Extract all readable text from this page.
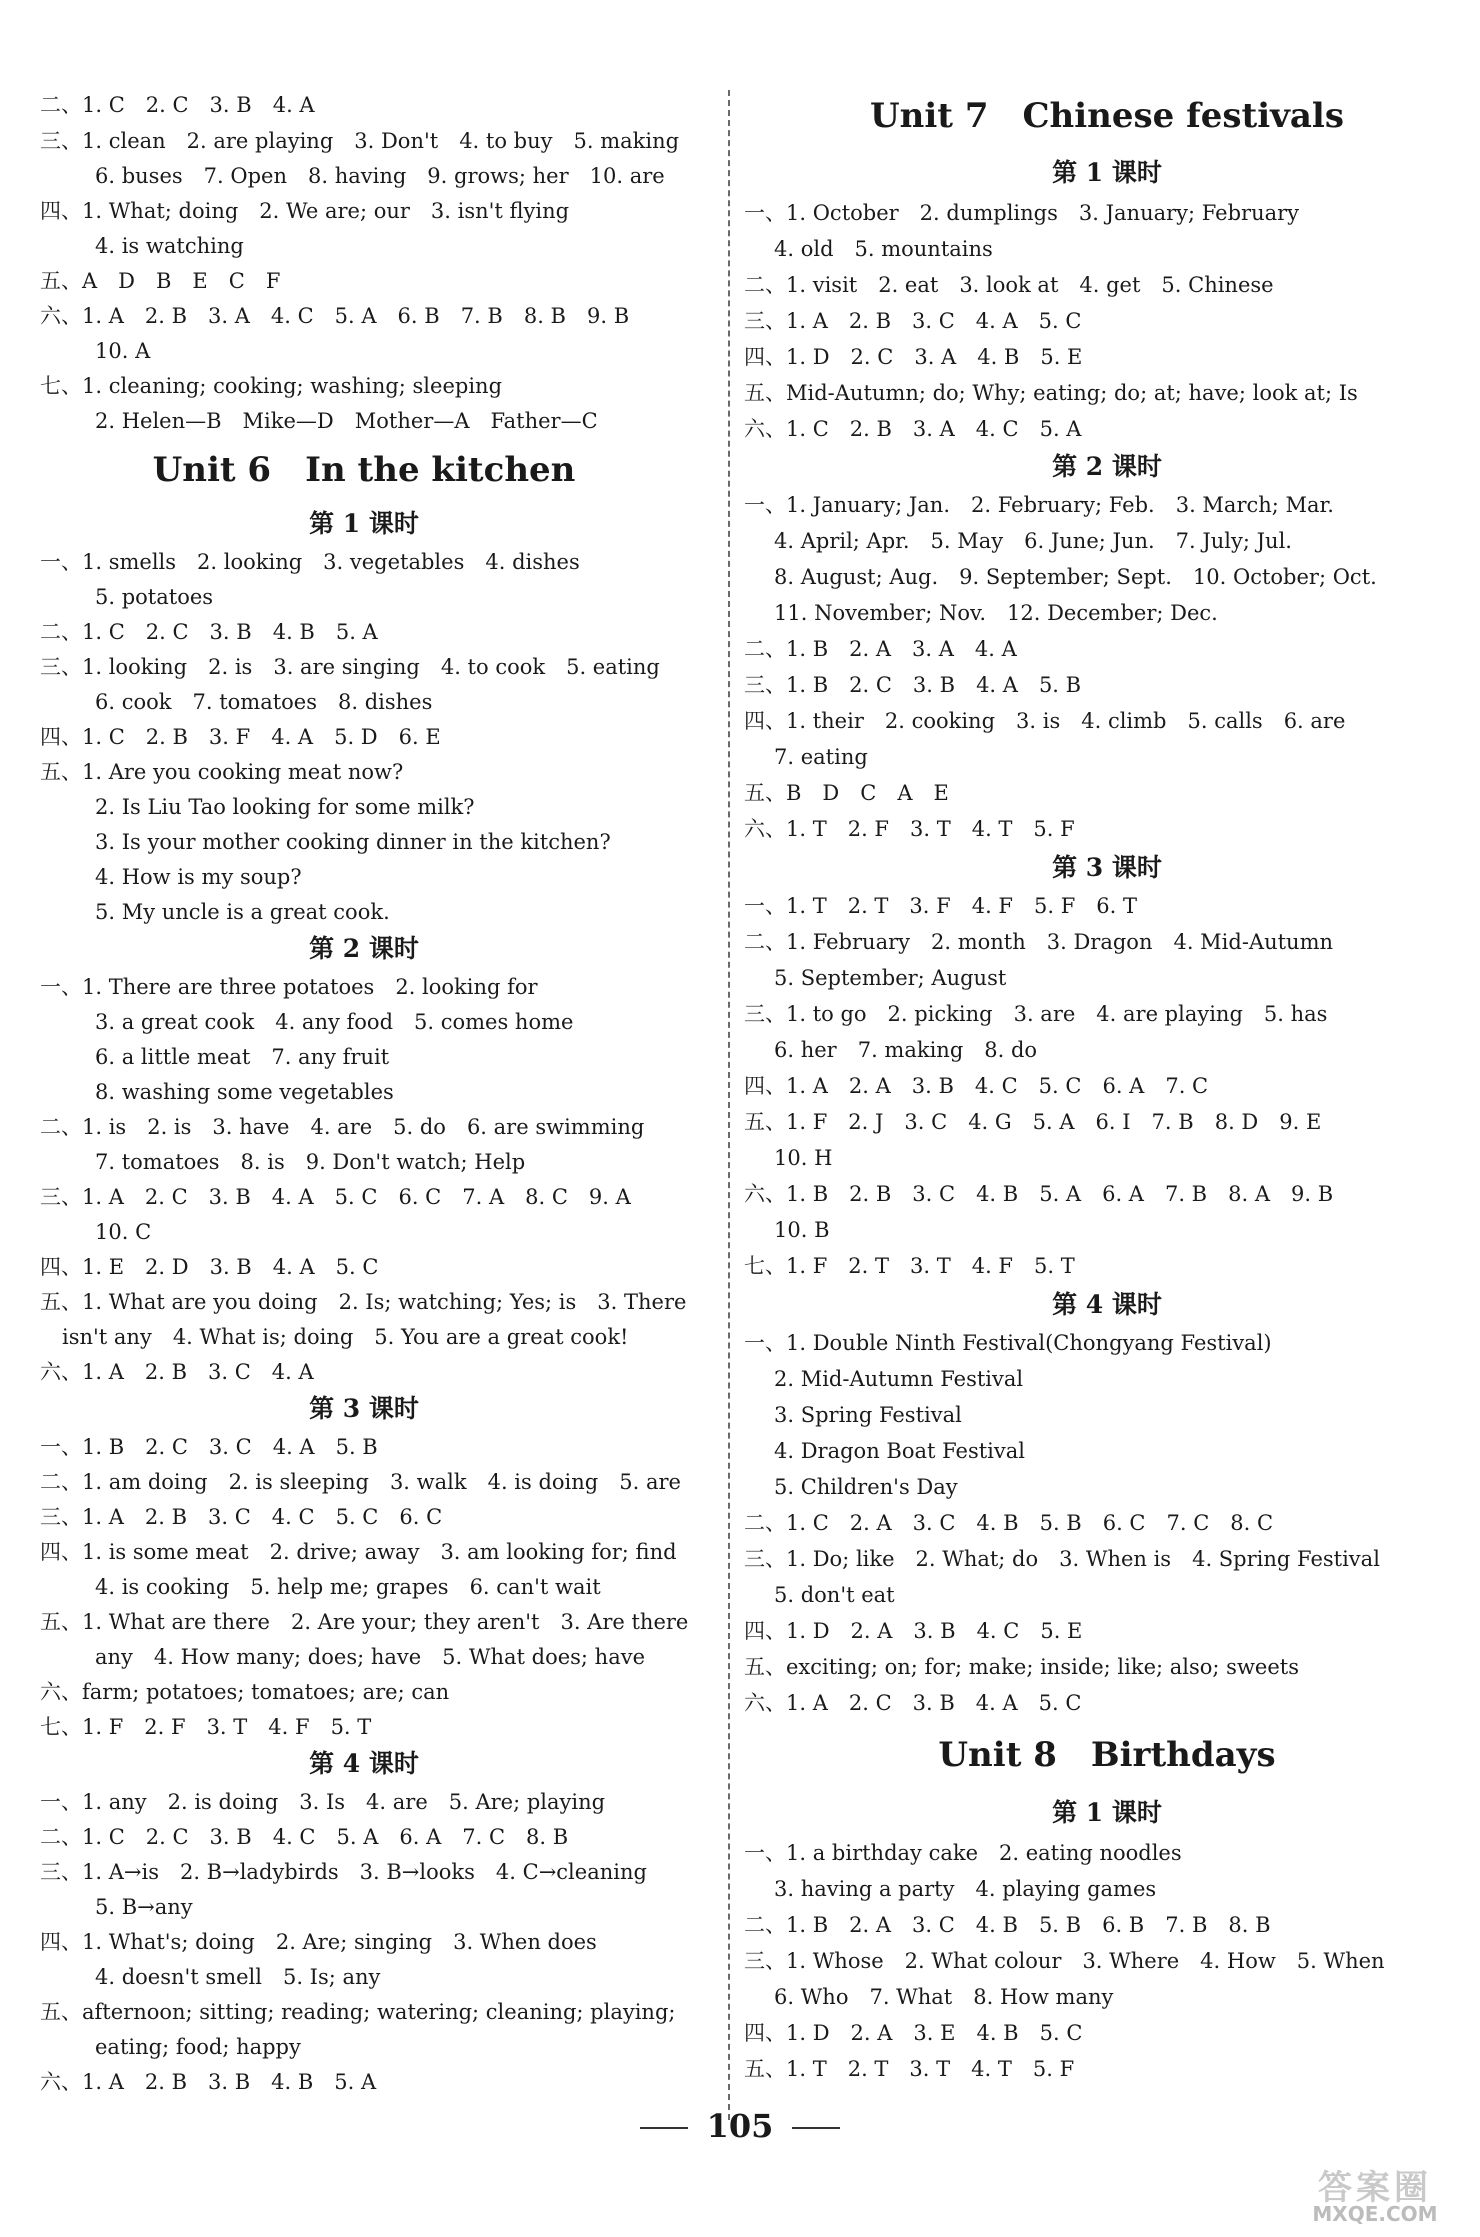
二、1. C　2. C　3. B　4. A
三、1. clean　2. are playing　3. Don't　4. to buy　5. making
6. buses　7. Open　8. having　9. grows; her　10. are
四、1. What; doing　2. We are; our　3. isn't flying
4. is watching
五、A　D　B　E　C　F
六、1. A　2. B　3. A　4. C　5. A　6. B　7. B　8. B　9. B
10. A
七、1. cleaning; cooking; washing; sleeping
2. Helen—B　Mike—D　Mother—A　Father—C
Unit 6　In the kitchen
第 1 课时
一、1. smells　2. looking　3. vegetables　4. dishes
5. potatoes
二、1. C　2. C　3. B　4. B　5. A
三、1. looking　2. is　3. are singing　4. to cook　5. eating
6. cook　7. tomatoes　8. dishes
四、1. C　2. B　3. F　4. A　5. D　6. E
五、1. Are you cooking meat now?
2. Is Liu Tao looking for some milk?
3. Is your mother cooking dinner in the kitchen?
4. How is my soup?
5. My uncle is a great cook.
第 2 课时
一、1. There are three potatoes　2. looking for
3. a great cook　4. any food　5. comes home
6. a little meat　7. any fruit
8. washing some vegetables
二、1. is　2. is　3. have　4. are　5. do　6. are swimming
7. tomatoes　8. is　9. Don't watch; Help
三、1. A　2. C　3. B　4. A　5. C　6. C　7. A　8. C　9. A
10. C
四、1. E　2. D　3. B　4. A　5. C
五、1. What are you doing　2. Is; watching; Yes; is　3. There
isn't any　4. What is; doing　5. You are a great cook!
六、1. A　2. B　3. C　4. A
第 3 课时
一、1. B　2. C　3. C　4. A　5. B
二、1. am doing　2. is sleeping　3. walk　4. is doing　5. are
三、1. A　2. B　3. C　4. C　5. C　6. C
四、1. is some meat　2. drive; away　3. am looking for; find
4. is cooking　5. help me; grapes　6. can't wait
五、1. What are there　2. Are your; they aren't　3. Are there
any　4. How many; does; have　5. What does; have
六、farm; potatoes; tomatoes; are; can
七、1. F　2. F　3. T　4. F　5. T
第 4 课时
一、1. any　2. is doing　3. Is　4. are　5. Are; playing
二、1. C　2. C　3. B　4. C　5. A　6. A　7. C　8. B
三、1. A→is　2. B→ladybirds　3. B→looks　4. C→cleaning
5. B→any
四、1. What's; doing　2. Are; singing　3. When does
4. doesn't smell　5. Is; any
五、afternoon; sitting; reading; watering; cleaning; playing;
eating; food; happy
六、1. A　2. B　3. B　4. B　5. A
Unit 7　Chinese festivals
第 1 课时
一、1. October　2. dumplings　3. January; February
4. old　5. mountains
二、1. visit　2. eat　3. look at　4. get　5. Chinese
三、1. A　2. B　3. C　4. A　5. C
四、1. D　2. C　3. A　4. B　5. E
五、Mid-Autumn; do; Why; eating; do; at; have; look at; Is
六、1. C　2. B　3. A　4. C　5. A
第 2 课时
一、1. January; Jan.　2. February; Feb.　3. March; Mar.
4. April; Apr.　5. May　6. June; Jun.　7. July; Jul.
8. August; Aug.　9. September; Sept.　10. October; Oct.
11. November; Nov.　12. December; Dec.
二、1. B　2. A　3. A　4. A
三、1. B　2. C　3. B　4. A　5. B
四、1. their　2. cooking　3. is　4. climb　5. calls　6. are
7. eating
五、B　D　C　A　E
六、1. T　2. F　3. T　4. T　5. F
第 3 课时
一、1. T　2. T　3. F　4. F　5. F　6. T
二、1. February　2. month　3. Dragon　4. Mid-Autumn
5. September; August
三、1. to go　2. picking　3. are　4. are playing　5. has
6. her　7. making　8. do
四、1. A　2. A　3. B　4. C　5. C　6. A　7. C
五、1. F　2. J　3. C　4. G　5. A　6. I　7. B　8. D　9. E
10. H
六、1. B　2. B　3. C　4. B　5. A　6. A　7. B　8. A　9. B
10. B
七、1. F　2. T　3. T　4. F　5. T
第 4 课时
一、1. Double Ninth Festival(Chongyang Festival)
2. Mid-Autumn Festival
3. Spring Festival
4. Dragon Boat Festival
5. Children's Day
二、1. C　2. A　3. C　4. B　5. B　6. C　7. C　8. C
三、1. Do; like　2. What; do　3. When is　4. Spring Festival
5. don't eat
四、1. D　2. A　3. B　4. C　5. E
五、exciting; on; for; make; inside; like; also; sweets
六、1. A　2. C　3. B　4. A　5. C
Unit 8　Birthdays
第 1 课时
一、1. a birthday cake　2. eating noodles
3. having a party　4. playing games
二、1. B　2. A　3. C　4. B　5. B　6. B　7. B　8. B
三、1. Whose　2. What colour　3. Where　4. How　5. When
6. Who　7. What　8. How many
四、1. D　2. A　3. E　4. B　5. C
五、1. T　2. T　3. T　4. T　5. F
105
答案圈
MXQE.COM
